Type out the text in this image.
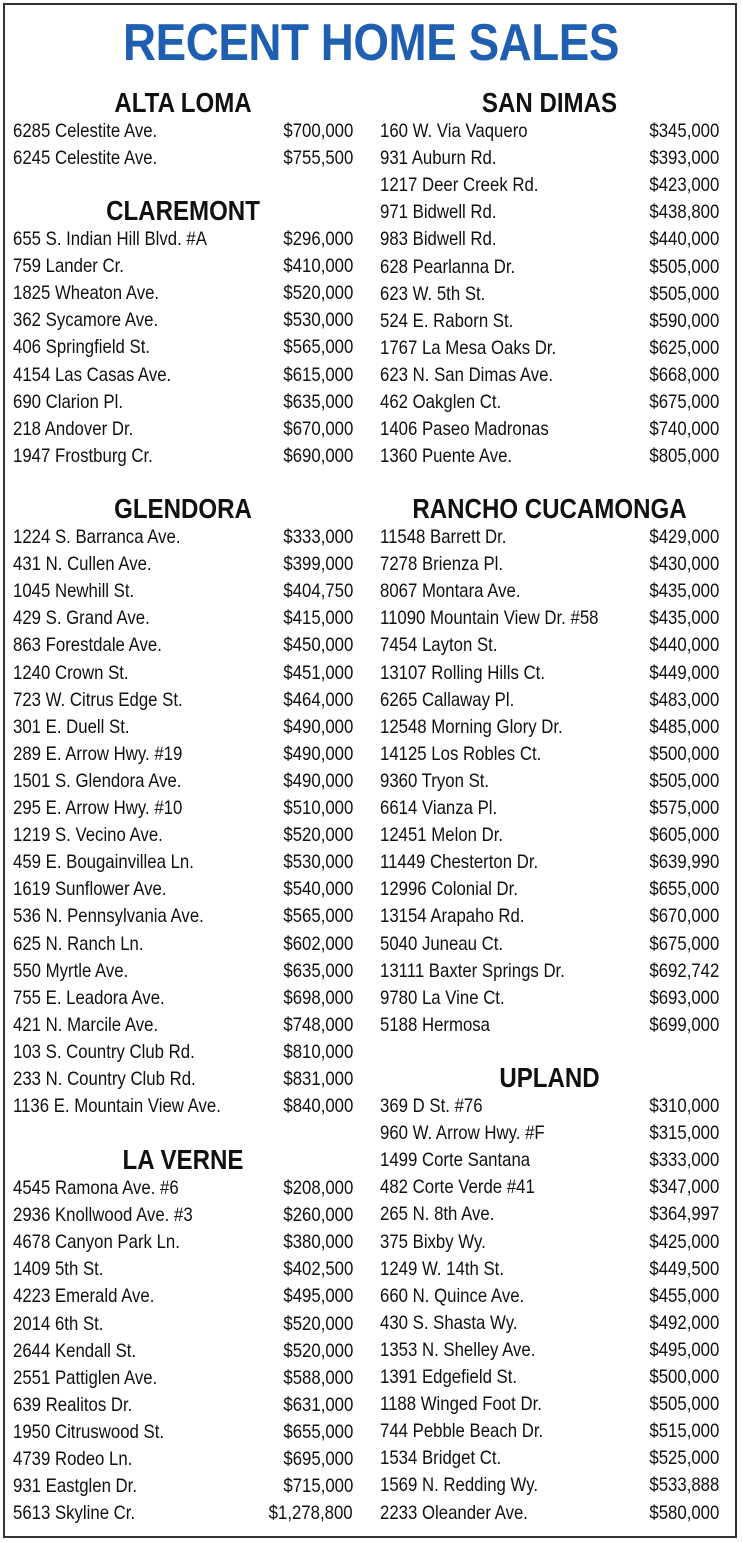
RECENT HOME SALES
ALTA LOMA
6285 Celestite Ave.	$700,000
6245 Celestite Ave.	$755,500
CLAREMONT
655 S. Indian Hill Blvd. #A	$296,000
759 Lander Cr.	$410,000
1825 Wheaton Ave.	$520,000
362 Sycamore Ave.	$530,000
406 Springfield St.	$565,000
4154 Las Casas Ave.	$615,000
690 Clarion Pl.	$635,000
218 Andover Dr.	$670,000
1947 Frostburg Cr.	$690,000
GLENDORA
1224 S. Barranca Ave.	$333,000
431 N. Cullen Ave.	$399,000
1045 Newhill St.	$404,750
429 S. Grand Ave.	$415,000
863 Forestdale Ave.	$450,000
1240 Crown St.	$451,000
723 W. Citrus Edge St.	$464,000
301 E. Duell St.	$490,000
289 E. Arrow Hwy. #19	$490,000
1501 S. Glendora Ave.	$490,000
295 E. Arrow Hwy. #10	$510,000
1219 S. Vecino Ave.	$520,000
459 E. Bougainvillea Ln.	$530,000
1619 Sunflower Ave.	$540,000
536 N. Pennsylvania Ave.	$565,000
625 N. Ranch Ln.	$602,000
550 Myrtle Ave.	$635,000
755 E. Leadora Ave.	$698,000
421 N. Marcile Ave.	$748,000
103 S. Country Club Rd.	$810,000
233 N. Country Club Rd.	$831,000
1136 E. Mountain View Ave.	$840,000
LA VERNE
4545 Ramona Ave. #6	$208,000
2936 Knollwood Ave. #3	$260,000
4678 Canyon Park Ln.	$380,000
1409 5th St.	$402,500
4223 Emerald Ave.	$495,000
2014 6th St.	$520,000
2644 Kendall St.	$520,000
2551 Pattiglen Ave.	$588,000
639 Realitos Dr.	$631,000
1950 Citruswood St.	$655,000
4739 Rodeo Ln.	$695,000
931 Eastglen Dr.	$715,000
5613 Skyline Cr.	$1,278,800
SAN DIMAS
160 W. Via Vaquero	$345,000
931 Auburn Rd.	$393,000
1217 Deer Creek Rd.	$423,000
971 Bidwell Rd.	$438,800
983 Bidwell Rd.	$440,000
628 Pearlanna Dr.	$505,000
623 W. 5th St.	$505,000
524 E. Raborn St.	$590,000
1767 La Mesa Oaks Dr.	$625,000
623 N. San Dimas Ave.	$668,000
462 Oakglen Ct.	$675,000
1406 Paseo Madronas	$740,000
1360 Puente Ave.	$805,000
RANCHO CUCAMONGA
11548 Barrett Dr.	$429,000
7278 Brienza Pl.	$430,000
8067 Montara Ave.	$435,000
11090 Mountain View Dr. #58	$435,000
7454 Layton St.	$440,000
13107 Rolling Hills Ct.	$449,000
6265 Callaway Pl.	$483,000
12548 Morning Glory Dr.	$485,000
14125 Los Robles Ct.	$500,000
9360 Tryon St.	$505,000
6614 Vianza Pl.	$575,000
12451 Melon Dr.	$605,000
11449 Chesterton Dr.	$639,990
12996 Colonial Dr.	$655,000
13154 Arapaho Rd.	$670,000
5040 Juneau Ct.	$675,000
13111 Baxter Springs Dr.	$692,742
9780 La Vine Ct.	$693,000
5188 Hermosa	$699,000
UPLAND
369 D St. #76	$310,000
960 W. Arrow Hwy. #F	$315,000
1499 Corte Santana	$333,000
482 Corte Verde #41	$347,000
265 N. 8th Ave.	$364,997
375 Bixby Wy.	$425,000
1249 W. 14th St.	$449,500
660 N. Quince Ave.	$455,000
430 S. Shasta Wy.	$492,000
1353 N. Shelley Ave.	$495,000
1391 Edgefield St.	$500,000
1188 Winged Foot Dr.	$505,000
744 Pebble Beach Dr.	$515,000
1534 Bridget Ct.	$525,000
1569 N. Redding Wy.	$533,888
2233 Oleander Ave.	$580,000
